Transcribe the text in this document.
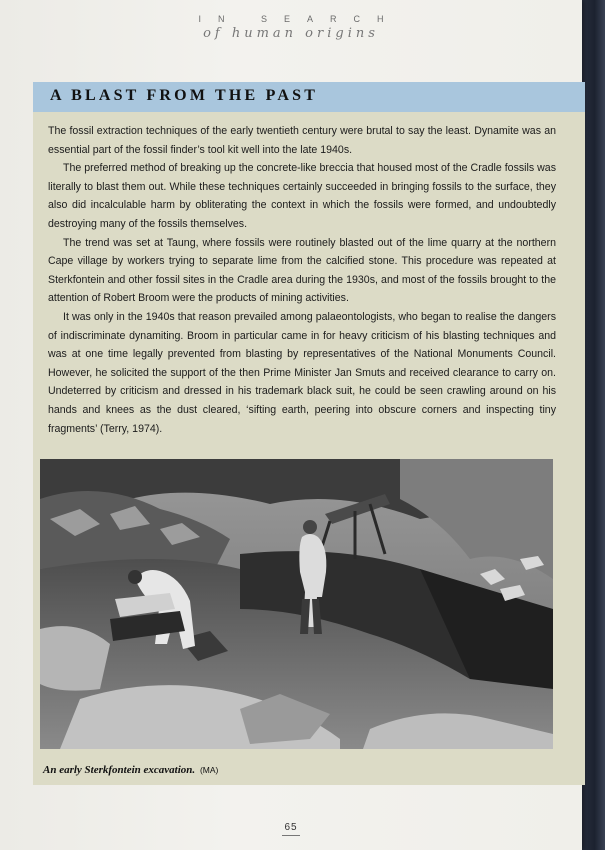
IN SEARCH
of human origins
A BLAST FROM THE PAST

The fossil extraction techniques of the early twentieth century were brutal to say the least. Dynamite was an essential part of the fossil finder’s tool kit well into the late 1940s.

The preferred method of breaking up the concrete-like breccia that housed most of the Cradle fossils was literally to blast them out. While these techniques certainly succeeded in bringing fossils to the surface, they also did incalculable harm by obliterating the context in which the fossils were formed, and undoubtedly destroying many of the fossils themselves.

The trend was set at Taung, where fossils were routinely blasted out of the lime quarry at the northern Cape village by workers trying to separate lime from the calcified stone. This procedure was repeated at Sterkfontein and other fossil sites in the Cradle area during the 1930s, and most of the fossils brought to the attention of Robert Broom were the products of mining activities.

It was only in the 1940s that reason prevailed among palaeontologists, who began to realise the dangers of indiscriminate dynamiting. Broom in particular came in for heavy criticism of his blasting techniques and was at one time legally prevented from blasting by representatives of the National Monuments Council. However, he solicited the support of the then Prime Minister Jan Smuts and received clearance to carry on. Undeterred by criticism and dressed in his trademark black suit, he could be seen crawling around on his hands and knees as the dust cleared, ‘sifting earth, peering into obscure corners and inspecting tiny fragments’ (Terry, 1974).

An early Sterkfontein excavation. (MA)
65
